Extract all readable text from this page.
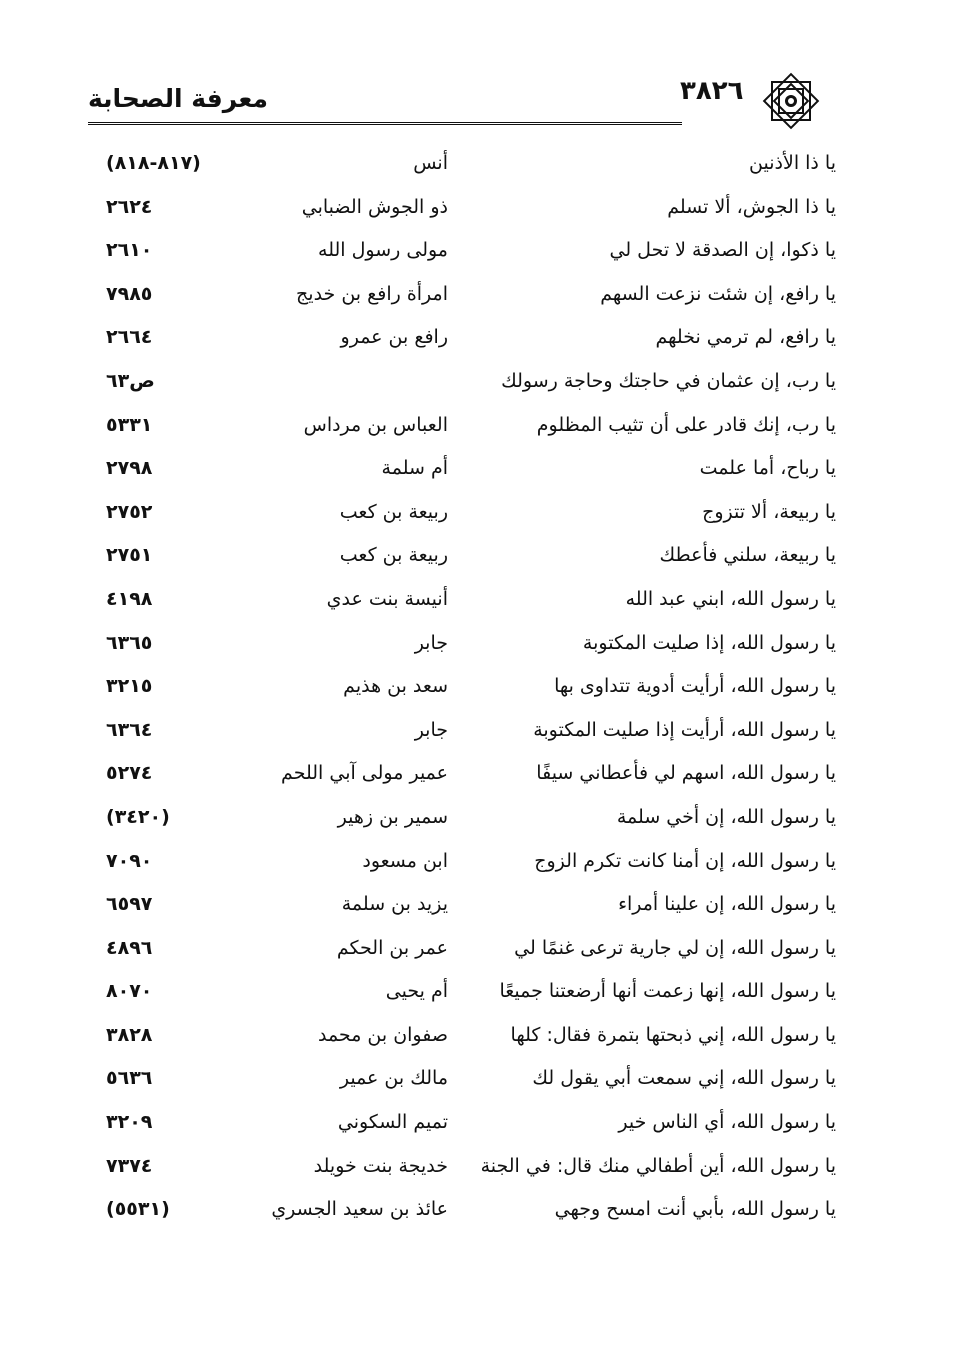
معرفة الصحابة	٣٨٢٦
يا ذا الأذنين
أنس
(٨١٧-٨١٨)
يا ذا الجوش، ألا تسلم
ذو الجوش الضبابي
٢٦٢٤
يا ذكوا، إن الصدقة لا تحل لي
مولى رسول الله
٢٦١٠
يا رافع، إن شئت نزعت السهم
امرأة رافع بن خديج
٧٩٨٥
يا رافع، لم ترمي نخلهم
رافع بن عمرو
٢٦٦٤
يا رب، إن عثمان في حاجتك وحاجة رسولك
ص٦٣
يا رب، إنك قادر على أن تثيب المظلوم
العباس بن مرداس
٥٣٣١
يا رباح، أما علمت
أم سلمة
٢٧٩٨
يا ربيعة، ألا تتزوج
ربيعة بن كعب
٢٧٥٢
يا ربيعة، سلني فأعطك
ربيعة بن كعب
٢٧٥١
يا رسول الله، ابني عبد الله
أنيسة بنت عدي
٤١٩٨
يا رسول الله، إذا صليت المكتوبة
جابر
٦٣٦٥
يا رسول الله، أرأيت أدوية تتداوى بها
سعد بن هذيم
٣٢١٥
يا رسول الله، أرأيت إذا صليت المكتوبة
جابر
٦٣٦٤
يا رسول الله، اسهم لي فأعطاني سيفًا
عمير مولى آبي اللحم
٥٢٧٤
يا رسول الله، إن أخي سلمة
سمير بن زهير
(٣٤٢٠)
يا رسول الله، إن أمنا كانت تكرم الزوج
ابن مسعود
٧٠٩٠
يا رسول الله، إن علينا أمراء
يزيد بن سلمة
٦٥٩٧
يا رسول الله، إن لي جارية ترعى غنمًا لي
عمر بن الحكم
٤٨٩٦
يا رسول الله، إنها زعمت أنها أرضعتنا جميعًا
أم يحيى
٨٠٧٠
يا رسول الله، إني ذبحتها بتمرة فقال: كلها
صفوان بن محمد
٣٨٢٨
يا رسول الله، إني سمعت أبي يقول لك
مالك بن عمير
٥٦٣٦
يا رسول الله، أي الناس خير
تميم السكوني
٣٢٠٩
يا رسول الله، أين أطفالي منك قال: في الجنة
خديجة بنت خويلد
٧٣٧٤
يا رسول الله، بأبي أنت امسح وجهي
عائذ بن سعيد الجسري
(٥٥٣١)
